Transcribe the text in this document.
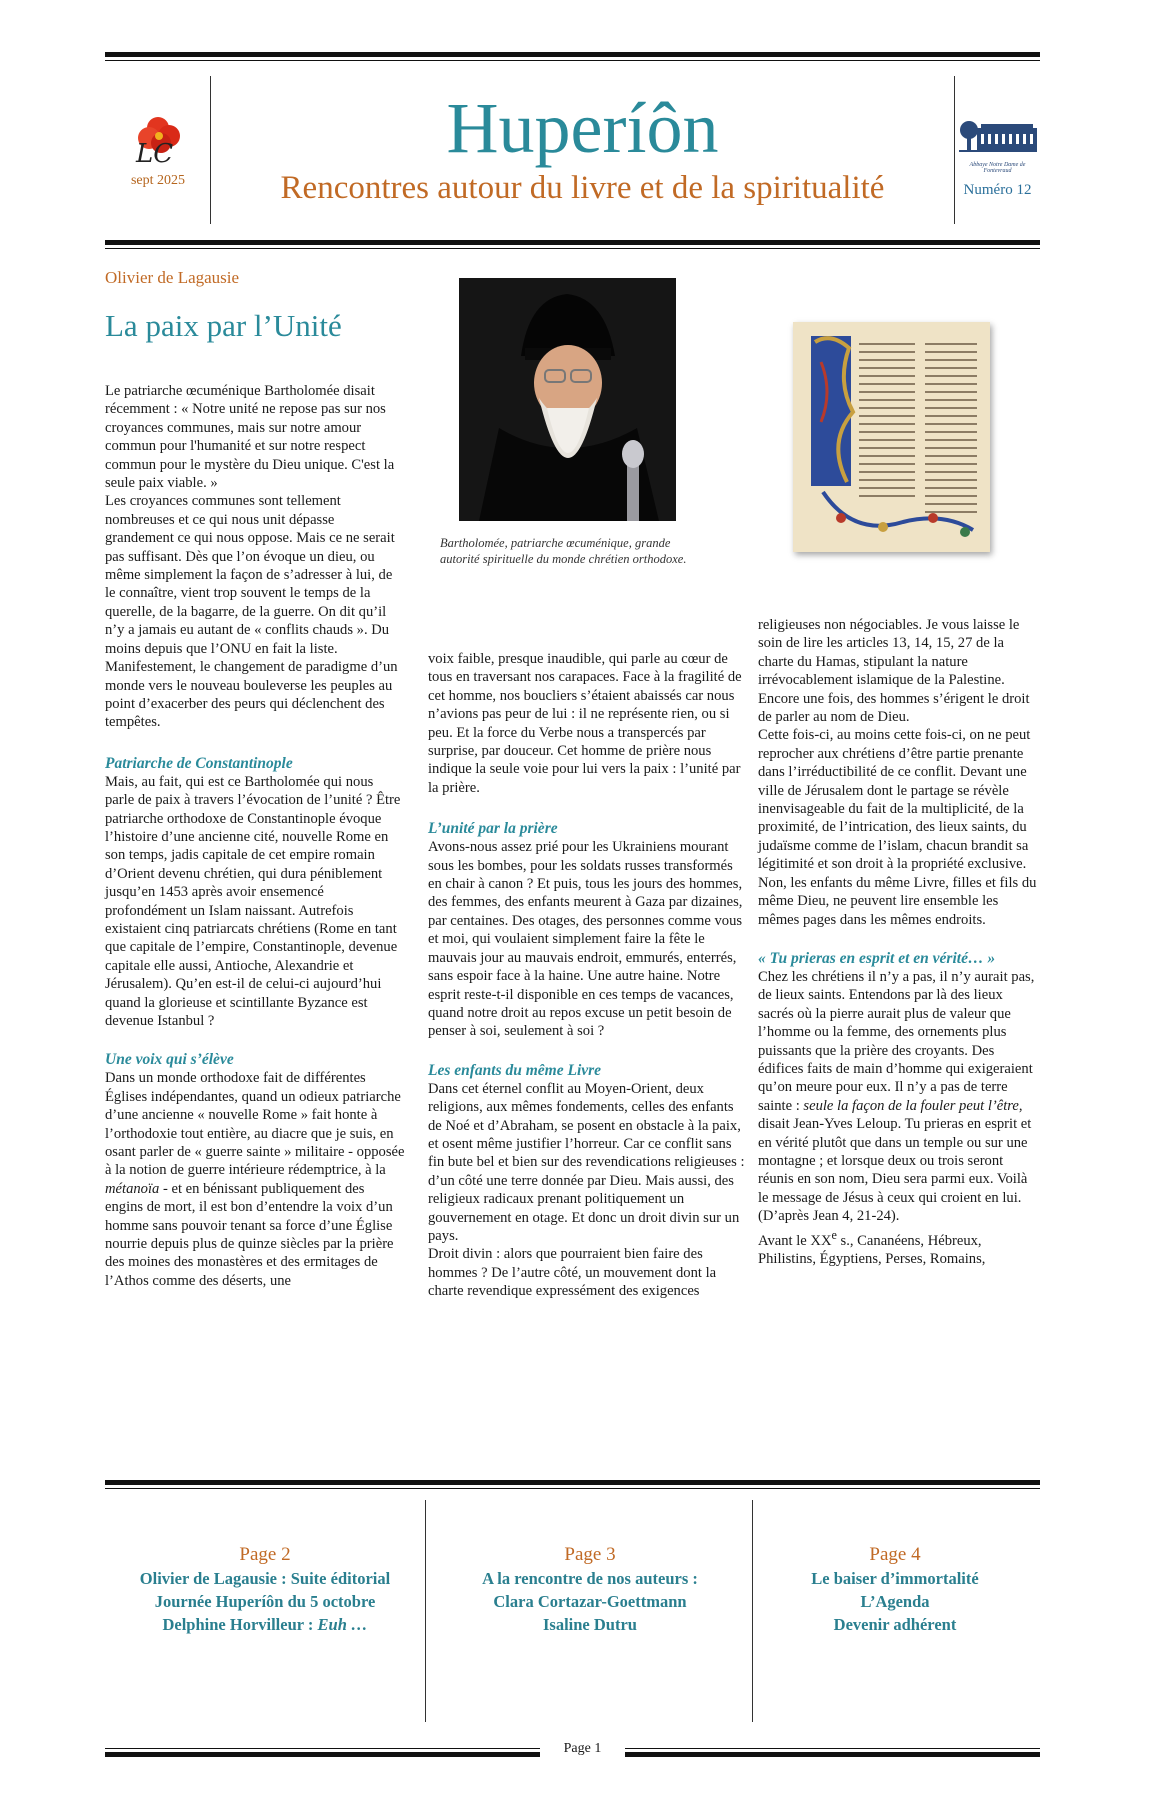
LC
sept 2025
Huperíôn
Rencontres autour du livre et de la spiritualité
Abbaye Notre Dame de Fontevraud
Numéro 12
Olivier de Lagausie
La paix par l’Unité
Bartholomée, patriarche œcuménique, grande autorité spirituelle du monde chrétien orthodoxe.

Le patriarche œcuménique Bartholomée disait récemment : « Notre unité ne repose pas sur nos croyances communes, mais sur notre amour commun pour l'humanité et sur notre respect commun pour le mystère du Dieu unique. C'est la seule paix viable. »

Les croyances communes sont tellement nombreuses et ce qui nous unit dépasse grandement ce qui nous oppose. Mais ce ne serait pas suffisant. Dès que l’on évoque un dieu, ou même simplement la façon de s’adresser à lui, de le connaître, vient trop souvent le temps de la querelle, de la bagarre, de la guerre. On dit qu’il n’y a jamais eu autant de « conflits chauds ». Du moins depuis que l’ONU en fait la liste. Manifestement, le changement de paradigme d’un monde vers le nouveau bouleverse les peuples au point d’exacerber des peurs qui déclenchent des tempêtes.

Patriarche de Constantinople

Mais, au fait, qui est ce Bartholomée qui nous parle de paix à travers l’évocation de l’unité ? Être patriarche orthodoxe de Constantinople évoque l’histoire d’une ancienne cité, nouvelle Rome en son temps, jadis capitale de cet empire romain d’Orient devenu chrétien, qui dura péniblement jusqu’en 1453 après avoir ensemencé profondément un Islam naissant. Autrefois existaient cinq patriarcats chrétiens (Rome en tant que capitale de l’empire, Constantinople, devenue capitale elle aussi, Antioche, Alexandrie et Jérusalem). Qu’en est-il de celui-ci aujourd’hui quand la glorieuse et scintillante Byzance est devenue Istanbul ?

Une voix qui s’élève

Dans un monde orthodoxe fait de différentes Églises indépendantes, quand un odieux patriarche d’une ancienne « nouvelle Rome » fait honte à l’orthodoxie tout entière, au diacre que je suis, en osant parler de « guerre sainte » militaire - opposée à la notion de guerre intérieure rédemptrice, à la métanoïa - et en bénissant publiquement des engins de mort, il est bon d’entendre la voix d’un homme sans pouvoir tenant sa force d’une Église nourrie depuis plus de quinze siècles par la prière des moines des monastères et des ermitages de l’Athos comme des déserts, une

voix faible, presque inaudible, qui parle au cœur de tous en traversant nos carapaces. Face à la fragilité de cet homme, nos boucliers s’étaient abaissés car nous n’avions pas peur de lui : il ne représente rien, ou si peu. Et la force du Verbe nous a transpercés par surprise, par douceur. Cet homme de prière nous indique la seule voie pour lui vers la paix : l’unité par la prière.

L’unité par la prière

Avons-nous assez prié pour les Ukrainiens mourant sous les bombes, pour les soldats russes transformés en chair à canon ? Et puis, tous les jours des hommes, des femmes, des enfants meurent à Gaza par dizaines, par centaines. Des otages, des personnes comme vous et moi, qui voulaient simplement faire la fête le mauvais jour au mauvais endroit, emmurés, enterrés, sans espoir face à la haine. Une autre haine. Notre esprit reste-t-il disponible en ces temps de vacances, quand notre droit au repos excuse un petit besoin de penser à soi, seulement à soi ?

Les enfants du même Livre

Dans cet éternel conflit au Moyen-Orient, deux religions, aux mêmes fondements, celles des enfants de Noé et d’Abraham, se posent en obstacle à la paix, et osent même justifier l’horreur. Car ce conflit sans fin bute bel et bien sur des revendications religieuses : d’un côté une terre donnée par Dieu. Mais aussi, des religieux radicaux prenant politiquement un gouvernement en otage. Et donc un droit divin sur un pays.

Droit divin : alors que pourraient bien faire des hommes ? De l’autre côté, un mouvement dont la charte revendique expressément des exigences

religieuses non négociables. Je vous laisse le soin de lire les articles 13, 14, 15, 27 de la charte du Hamas, stipulant la nature irrévocablement islamique de la Palestine. Encore une fois, des hommes s’érigent le droit de parler au nom de Dieu.

Cette fois-ci, au moins cette fois-ci, on ne peut reprocher aux chrétiens d’être partie prenante dans l’irréductibilité de ce conflit. Devant une ville de Jérusalem dont le partage se révèle inenvisageable du fait de la multiplicité, de la proximité, de l’intrication, des lieux saints, du judaïsme comme de l’islam, chacun brandit sa légitimité et son droit à la propriété exclusive. Non, les enfants du même Livre, filles et fils du même Dieu, ne peuvent lire ensemble les mêmes pages dans les mêmes endroits.

« Tu prieras en esprit et en vérité… »

Chez les chrétiens il n’y a pas, il n’y aurait pas, de lieux saints. Entendons par là des lieux sacrés où la pierre aurait plus de valeur que l’homme ou la femme, des ornements plus puissants que la prière des croyants. Des édifices faits de main d’homme qui exigeraient qu’on meure pour eux. Il n’y a pas de terre sainte : seule la façon de la fouler peut l’être, disait Jean-Yves Leloup. Tu prieras en esprit et en vérité plutôt que dans un temple ou sur une montagne ; et lorsque deux ou trois seront réunis en son nom, Dieu sera parmi eux. Voilà le message de Jésus à ceux qui croient en lui. (D’après Jean 4, 21-24).

Avant le XXe s., Cananéens, Hébreux, Philistins, Égyptiens, Perses, Romains,

Page 2
Olivier de Lagausie : Suite éditorial
Journée Huperíôn du 5 octobre
Delphine Horvilleur : Euh …
Page 3
A la rencontre de nos auteurs :
Clara Cortazar-Goettmann
Isaline Dutru
Page 4
Le baiser d’immortalité
L’Agenda
Devenir adhérent
Page 1
